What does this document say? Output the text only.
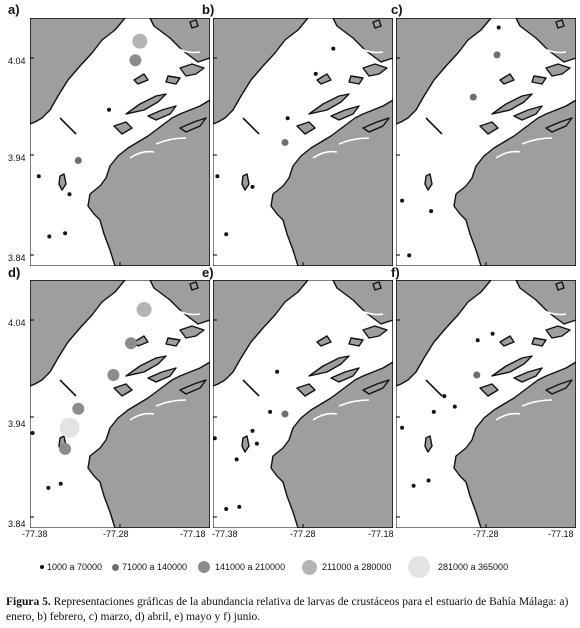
a)	b)	c)
d)	e)	f)
4.04
3.94
3.84
4.04
3.94
3.84
-77.38	-77.28	-77.18 -77.38	-77.28	-77.18	-77.28	-77.18
1000 a 70000 71000 a 140000	141000 a 210000	211000 a 280000	281000 a 365000
Figura 5. Representaciones gráficas de la abundancia relativa de larvas de crustáceos para el estuario de Bahía Málaga: a) enero, b) febrero, c) marzo, d) abril, e) mayo y f) junio.
